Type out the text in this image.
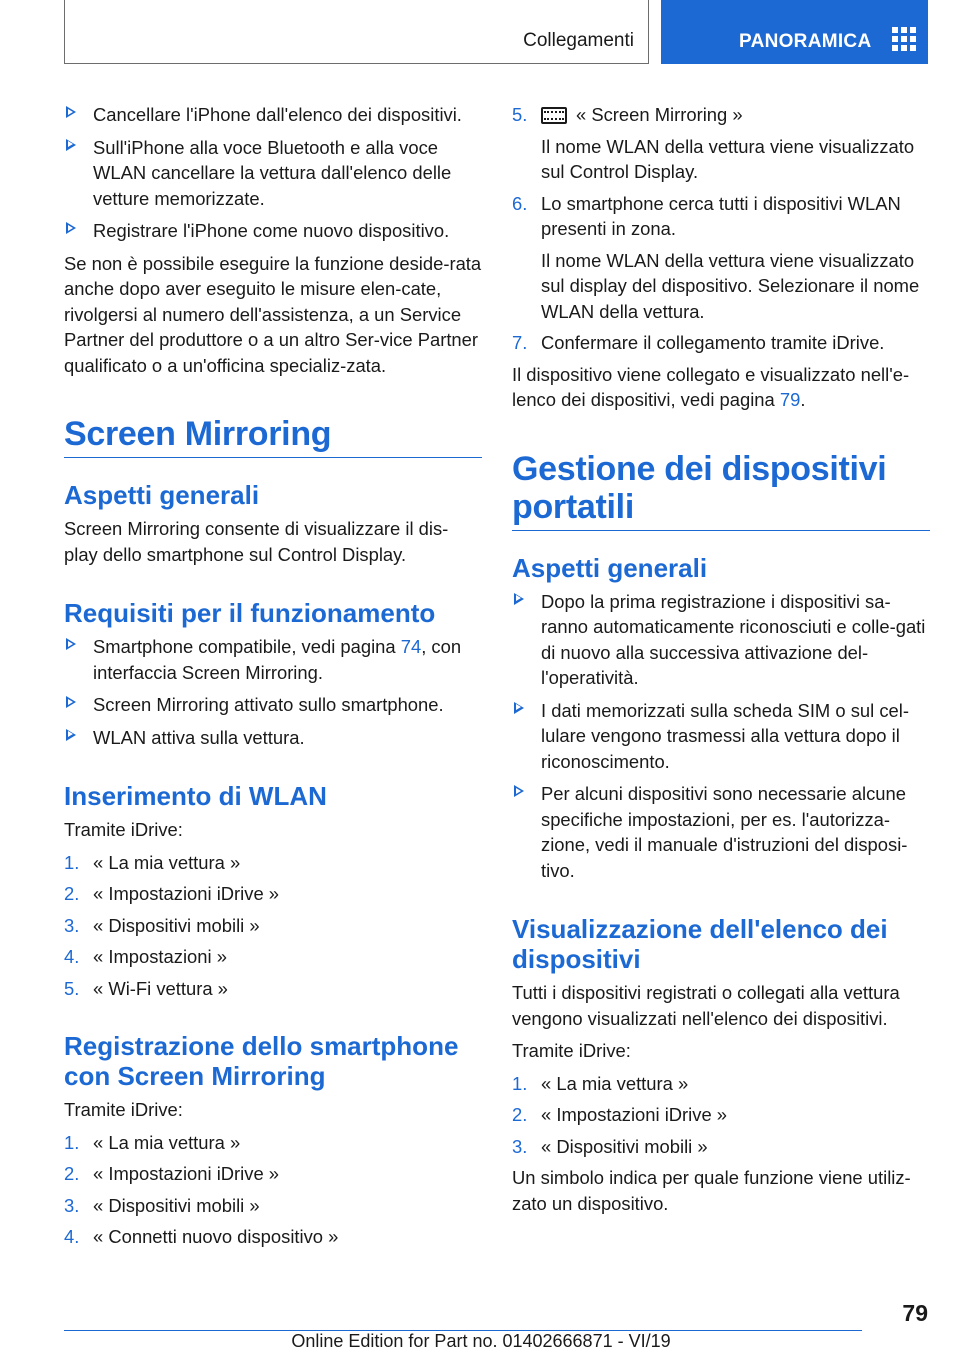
Collegamenti	PANORAMICA
Cancellare l'iPhone dall'elenco dei dispositivi.
Sull'iPhone alla voce Bluetooth e alla voce WLAN cancellare la vettura dall'elenco delle vetture memorizzate.
Registrare l'iPhone come nuovo dispositivo.

Se non è possibile eseguire la funzione deside‐rata anche dopo aver eseguito le misure elen‐cate, rivolgersi al numero dell'assistenza, a un Service Partner del produttore o a un altro Ser‐vice Partner qualificato o a un'officina specializ‐zata.

Screen Mirroring
Aspetti generali

Screen Mirroring consente di visualizzare il dis‐play dello smartphone sul Control Display.

Requisiti per il funzionamento
Smartphone compatibile, vedi pagina 74, con interfaccia Screen Mirroring.
Screen Mirroring attivato sullo smartphone.
WLAN attiva sulla vettura.
Inserimento di WLAN

Tramite iDrive:

1. « La mia vettura »
2. « Impostazioni iDrive »
3. « Dispositivi mobili »
4. « Impostazioni »
5. « Wi-Fi vettura »
Registrazione dello smartphone con Screen Mirroring

Tramite iDrive:

1. « La mia vettura »
2. « Impostazioni iDrive »
3. « Dispositivi mobili »
4. « Connetti nuovo dispositivo »
5.	« Screen Mirroring »
Il nome WLAN della vettura viene visualizzato sul Control Display.
6. Lo smartphone cerca tutti i dispositivi WLAN presenti in zona.
Il nome WLAN della vettura viene visualizzato sul display del dispositivo. Selezionare il nome WLAN della vettura.
7. Confermare il collegamento tramite iDrive.

Il dispositivo viene collegato e visualizzato nell'e‐lenco dei dispositivi, vedi pagina 79.

Gestione dei dispositivi portatili
Aspetti generali
Dopo la prima registrazione i dispositivi sa‐ranno automaticamente riconosciuti e colle‐gati di nuovo alla successiva attivazione del‐l'operatività.
I dati memorizzati sulla scheda SIM o sul cel‐lulare vengono trasmessi alla vettura dopo il riconoscimento.
Per alcuni dispositivi sono necessarie alcune specifiche impostazioni, per es. l'autorizza‐zione, vedi il manuale d'istruzioni del disposi‐tivo.
Visualizzazione dell'elenco dei dispositivi

Tutti i dispositivi registrati o collegati alla vettura vengono visualizzati nell'elenco dei dispositivi.

Tramite iDrive:

1. « La mia vettura »
2. « Impostazioni iDrive »
3. « Dispositivi mobili »

Un simbolo indica per quale funzione viene utiliz‐zato un dispositivo.

79
Online Edition for Part no. 01402666871 - VI/19
